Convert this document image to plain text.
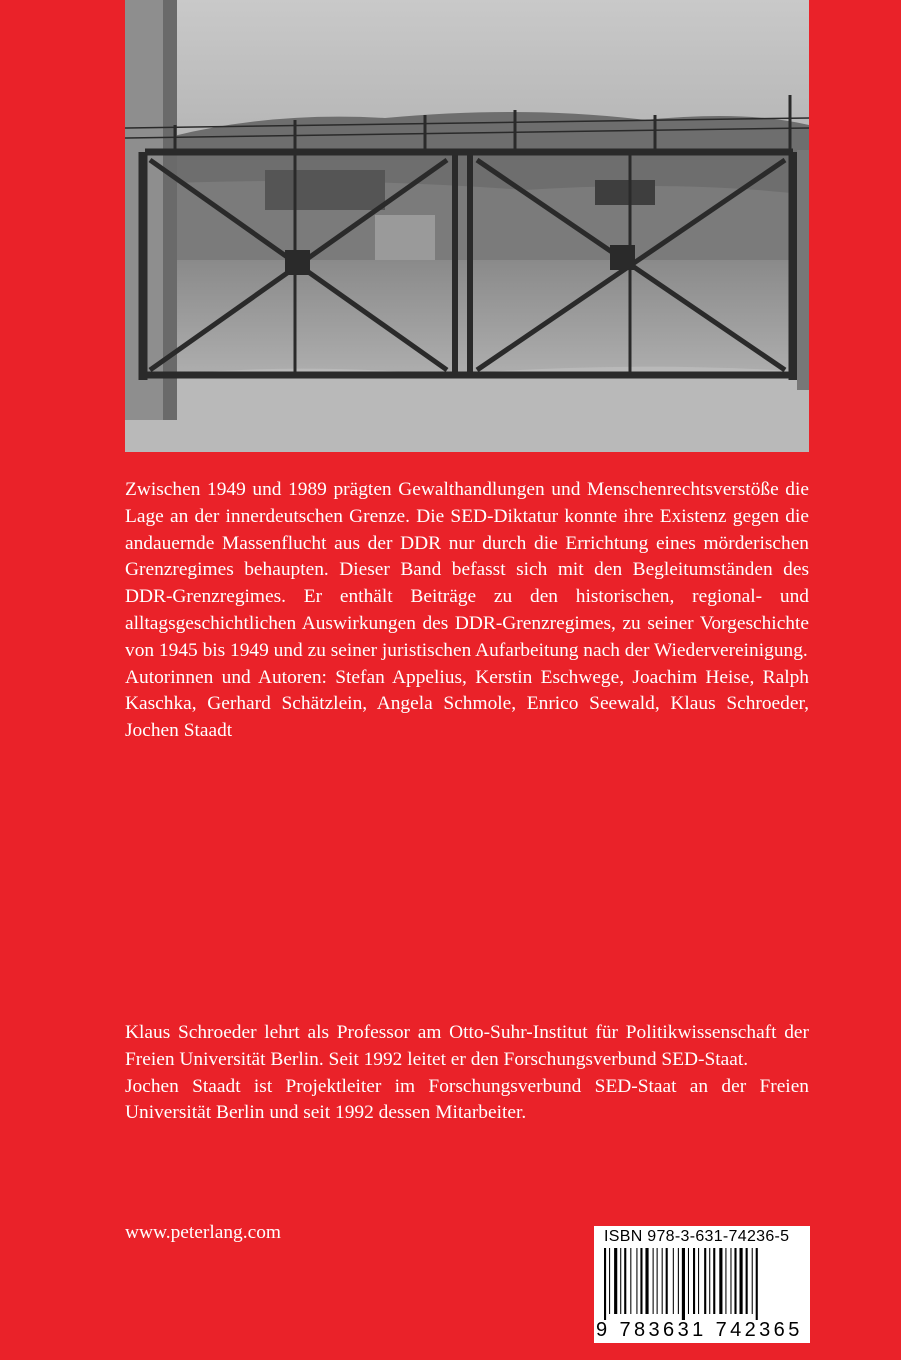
Zwischen 1949 und 1989 prägten Gewalthandlungen und Menschenrechtsverstöße die Lage an der innerdeutschen Grenze. Die SED-Diktatur konnte ihre Existenz gegen die andauernde Massenflucht aus der DDR nur durch die Errichtung eines mörderischen Grenzregimes behaupten. Dieser Band befasst sich mit den Begleitumständen des DDR-Grenzregimes. Er enthält Beiträge zu den historischen, regional- und alltagsgeschichtlichen Auswirkungen des DDR-Grenzregimes, zu seiner Vorgeschichte von 1945 bis 1949 und zu seiner juristischen Aufarbeitung nach der Wiedervereinigung.

Autorinnen und Autoren: Stefan Appelius, Kerstin Eschwege, Joachim Heise, Ralph Kaschka, Gerhard Schätzlein, Angela Schmole, Enrico Seewald, Klaus Schroeder, Jochen Staadt

Klaus Schroeder lehrt als Professor am Otto-Suhr-Institut für Politikwissenschaft der Freien Universität Berlin. Seit 1992 leitet er den Forschungsverbund SED-Staat.

Jochen Staadt ist Projektleiter im Forschungsverbund SED-Staat an der Freien Universität Berlin und seit 1992 dessen Mitarbeiter.

www.peterlang.com	ISBN 978-3-631-74236-5
9 783631 742365
